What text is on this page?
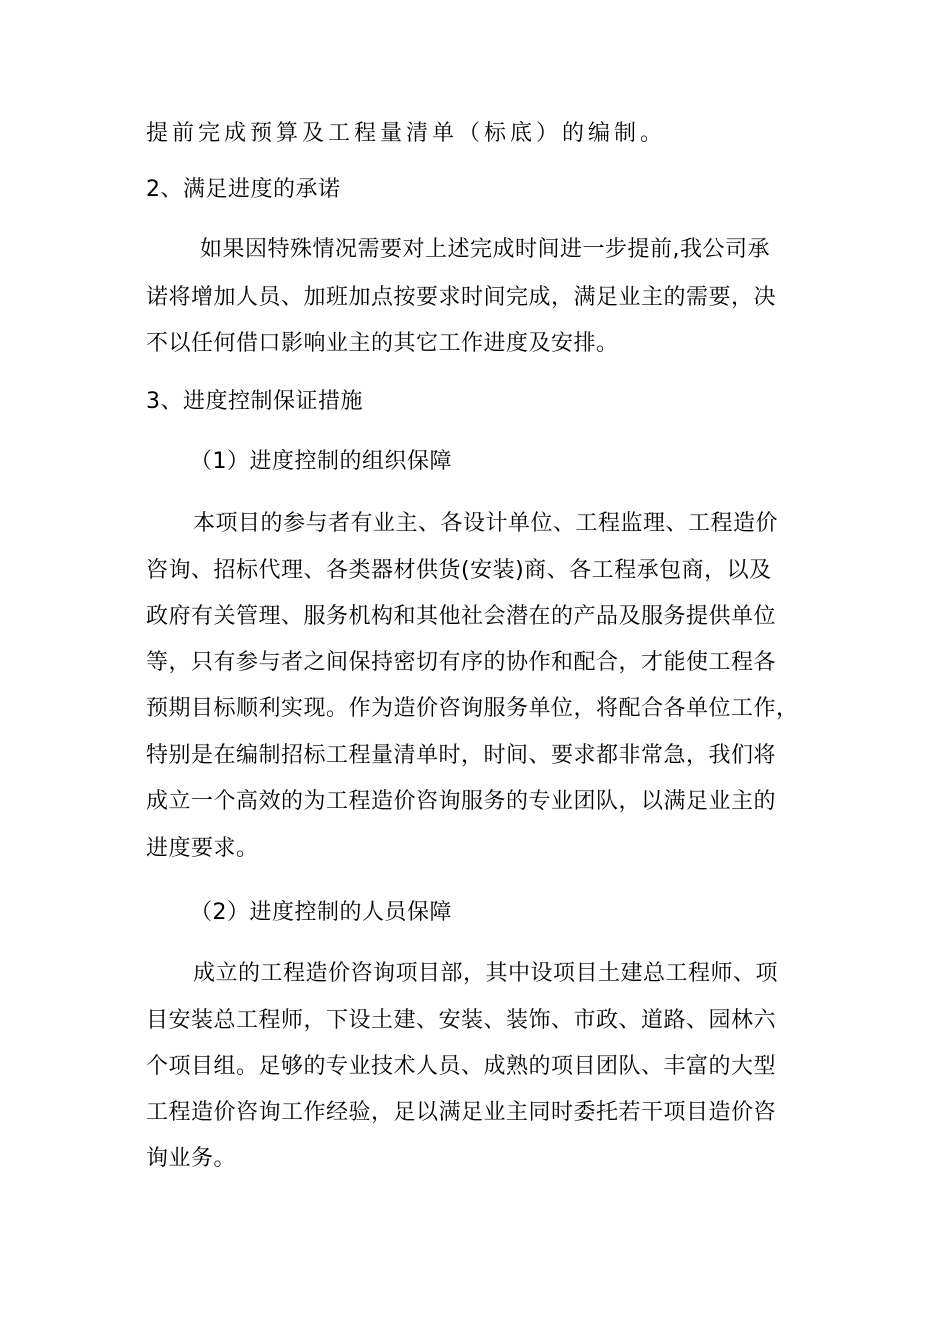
提前完成预算及工程量清单（标底）的编制。
2、满足进度的承诺
如果因特殊情况需要对上述完成时间进一步提前,我公司承
诺将增加人员、加班加点按要求时间完成，满足业主的需要，决
不以任何借口影响业主的其它工作进度及安排。
3、进度控制保证措施
（1）进度控制的组织保障
本项目的参与者有业主、各设计单位、工程监理、工程造价
咨询、招标代理、各类器材供货(安装)商、各工程承包商，以及
政府有关管理、服务机构和其他社会潜在的产品及服务提供单位
等，只有参与者之间保持密切有序的协作和配合，才能使工程各
预期目标顺利实现。作为造价咨询服务单位，将配合各单位工作，
特别是在编制招标工程量清单时，时间、要求都非常急，我们将
成立一个高效的为工程造价咨询服务的专业团队，以满足业主的
进度要求。
（2）进度控制的人员保障
成立的工程造价咨询项目部，其中设项目土建总工程师、项
目安装总工程师，下设土建、安装、装饰、市政、道路、园林六
个项目组。足够的专业技术人员、成熟的项目团队、丰富的大型
工程造价咨询工作经验，足以满足业主同时委托若干项目造价咨
询业务。
